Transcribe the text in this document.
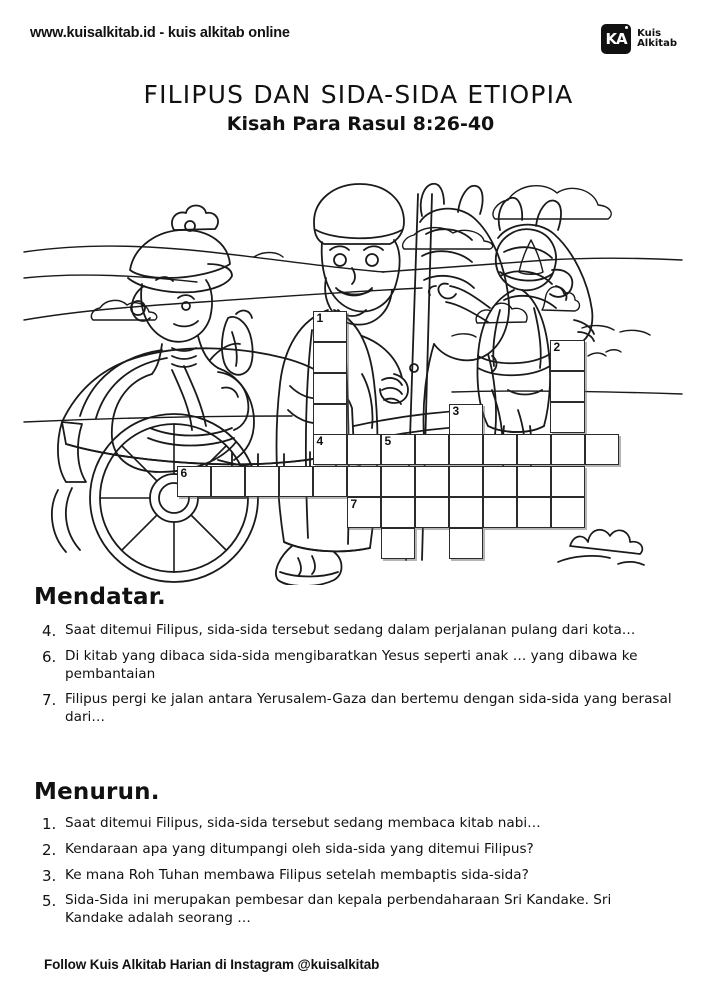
www.kuisalkitab.id - kuis alkitab online	KA	Kuis
Alkitab
FILIPUS DAN SIDA-SIDA ETIOPIA
Kisah Para Rasul 8:26-40
1
2
3
4	5
6
7
Mendatar.
4. Saat ditemui Filipus, sida-sida tersebut sedang dalam perjalanan pulang dari kota…
6. Di kitab yang dibaca sida-sida mengibaratkan Yesus seperti anak … yang dibawa ke pembantaian
7. Filipus pergi ke jalan antara Yerusalem-Gaza dan bertemu dengan sida-sida yang berasal dari…
Menurun.
1. Saat ditemui Filipus, sida-sida tersebut sedang membaca kitab nabi…
2. Kendaraan apa yang ditumpangi oleh sida-sida yang ditemui Filipus?
3. Ke mana Roh Tuhan membawa Filipus setelah membaptis sida-sida?
5. Sida-Sida ini merupakan pembesar dan kepala perbendaharaan Sri Kandake. Sri Kandake adalah seorang …
Follow Kuis Alkitab Harian di Instagram @kuisalkitab
